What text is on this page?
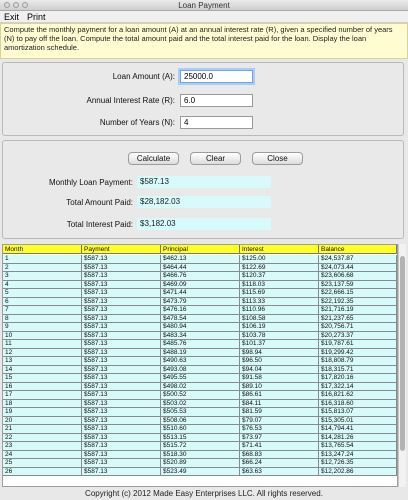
Loan Payment
Exit Print
Compute the monthly payment for a loan amount (A) at an annual interest rate (R), given a specified number of years (N) to pay off the loan. Compute the total amount paid and the total interest paid for the loan. Display the loan amortization schedule.
Loan Amount (A):
25000.0
Annual Interest Rate (R):
6.0
Number of Years (N):
4
Calculate	Clear	Close
Monthly Loan Payment: $587.13
Total Amount Paid: $28,182.03
Total Interest Paid: $3,182.03
Month	Payment	Principal	Interest	Balance
1	$587.13	$462.13	$125.00	$24,537.87
2	$587.13	$464.44	$122.69	$24,073.44
3	$587.13	$466.76	$120.37	$23,606.68
4	$587.13	$469.09	$118.03	$23,137.59
5	$587.13	$471.44	$115.69	$22,666.15
6	$587.13	$473.79	$113.33	$22,192.35
7	$587.13	$476.16	$110.96	$21,716.19
8	$587.13	$478.54	$108.58	$21,237.65
9	$587.13	$480.94	$106.19	$20,756.71
10	$587.13	$483.34	$103.78	$20,273.37
11	$587.13	$485.76	$101.37	$19,787.61
12	$587.13	$488.19	$98.94	$19,299.42
13	$587.13	$490.63	$96.50	$18,808.79
14	$587.13	$493.08	$94.04	$18,315.71
15	$587.13	$495.55	$91.58	$17,820.16
16	$587.13	$498.02	$89.10	$17,322.14
17	$587.13	$500.52	$86.61	$16,821.62
18	$587.13	$503.02	$84.11	$16,318.60
19	$587.13	$505.53	$81.59	$15,813.07
20	$587.13	$508.06	$79.07	$15,305.01
21	$587.13	$510.60	$76.53	$14,794.41
22	$587.13	$513.15	$73.97	$14,281.26
23	$587.13	$515.72	$71.41	$13,765.54
24	$587.13	$518.30	$68.83	$13,247.24
25	$587.13	$520.89	$66.24	$12,726.35
26	$587.13	$523.49	$63.63	$12,202.86
Copyright (c) 2012 Made Easy Enterprises LLC. All rights reserved.
